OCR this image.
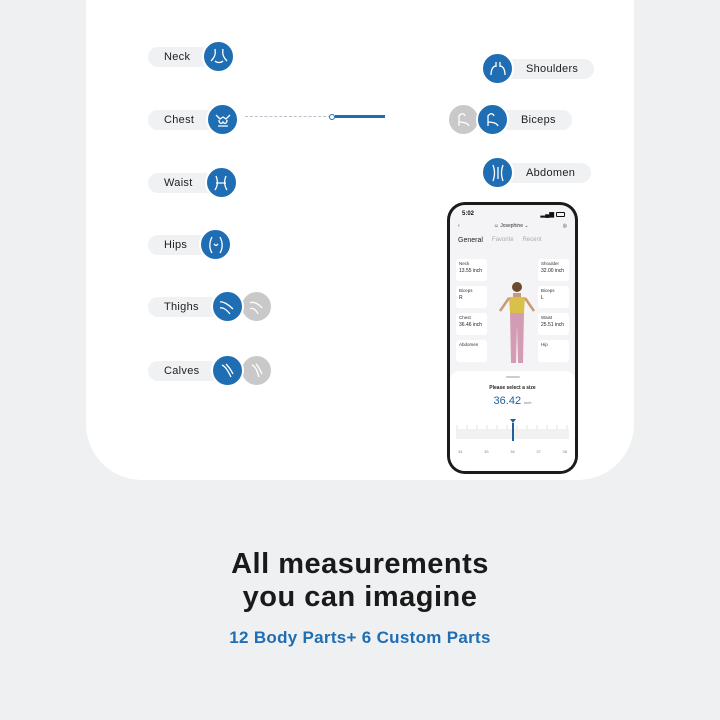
Neck
Chest
Waist
Hips
Thighs
Calves
Shoulders
Biceps
Abdomen
5:02	▂▄▆
‹	☺ Josephine ⌄	◎
General Favorite Recent
Neck
13.55 inch
Shoulder
32.00 inch
Biceps
R
Biceps
L
Chest
36.46 inch
Waist
25.51 inch
Abdomen	Hip
Please select a size
36.42 inch
34	35	36	37	38
All measurements
you can imagine
12 Body Parts+ 6 Custom Parts
